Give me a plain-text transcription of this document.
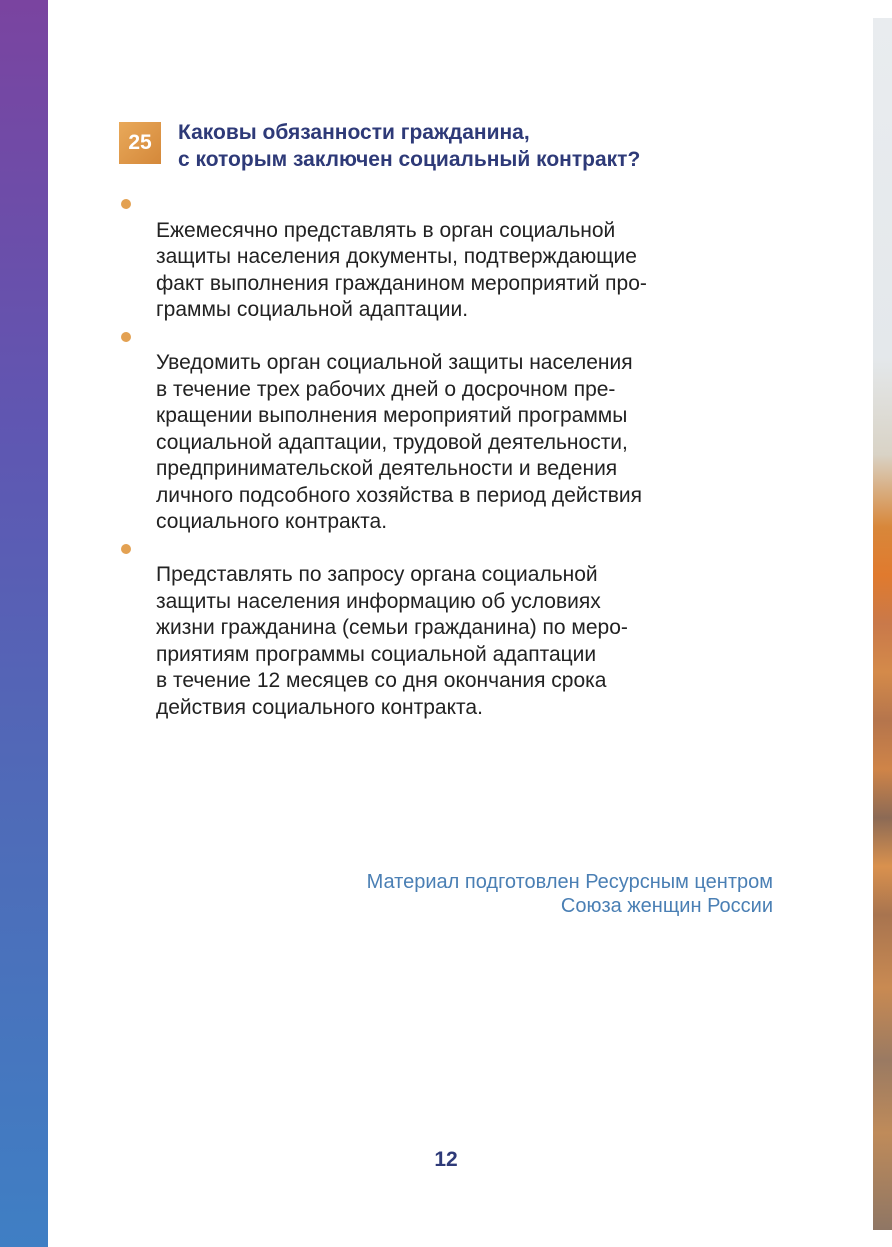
25	Каковы обязанности гражданина,
с которым заключен социальный контракт?

Ежемесячно представлять в орган социальной
защиты населения документы, подтверждающие
факт выполнения гражданином мероприятий про-
граммы социальной адаптации.

Уведомить орган социальной защиты населения
в течение трех рабочих дней о досрочном пре-
кращении выполнения мероприятий программы
социальной адаптации, трудовой деятельности,
предпринимательской деятельности и ведения
личного подсобного хозяйства в период действия
социального контракта.

Представлять по запросу органа социальной
защиты населения информацию об условиях
жизни гражданина (семьи гражданина) по меро-
приятиям программы социальной адаптации
в течение 12 месяцев со дня окончания срока
действия социального контракта.

Материал подготовлен Ресурсным центром
Союза женщин России

12
